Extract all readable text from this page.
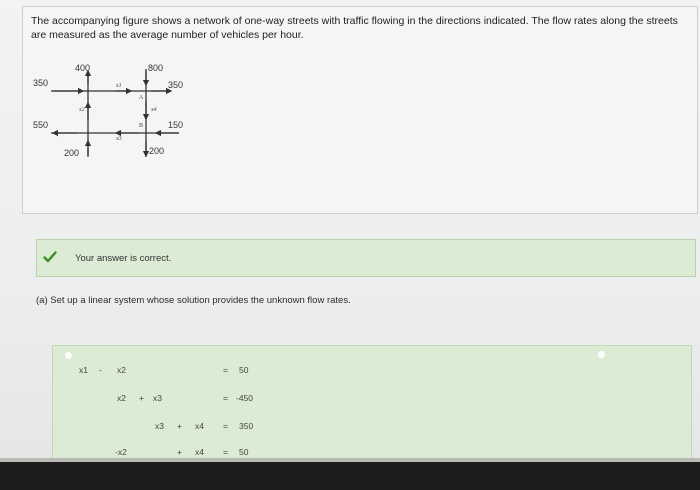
The accompanying figure shows a network of one-way streets with traffic flowing in the directions indicated. The flow rates along the streets are measured as the average number of vehicles per hour.
400	800
350	350
550	150
200	200
x1
x2
x3
x4
A
B
Your answer is correct.
(a) Set up a linear system whose solution provides the unknown flow rates.
x1 - x2	= 50
x2 + x3	= -450
x3 + x4 = 350
-x2	+ x4 = 50
